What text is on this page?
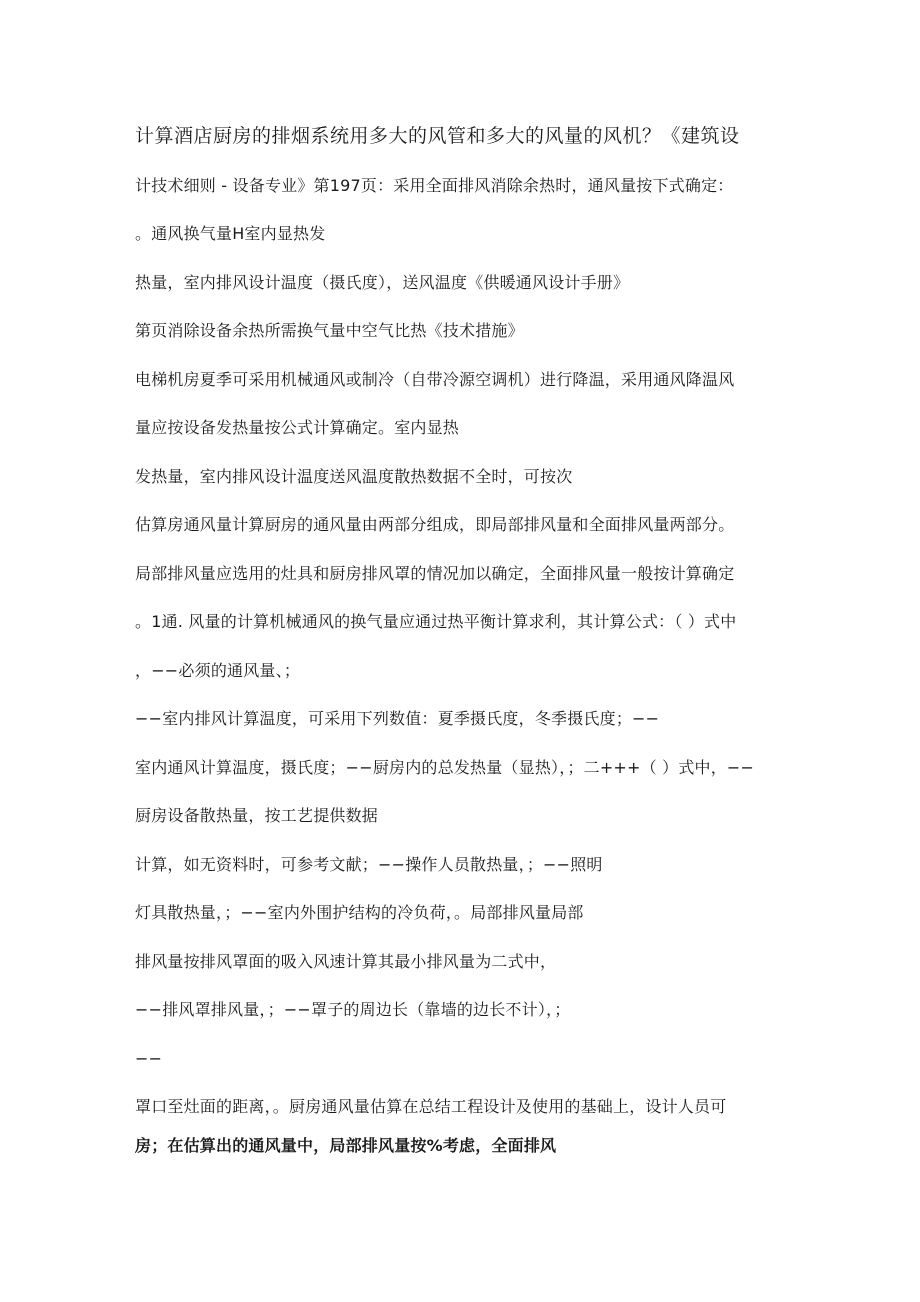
计算酒店厨房的排烟系统用多大的风管和多大的风量的风机？《建筑设
计技术细则 - 设备专业》第197页：采用全面排风消除余热时，通风量按下式确定：
。通风换气量H室内显热发
热量，室内排风设计温度（摄氏度），送风温度《供暖通风设计手册》
第页消除设备余热所需换气量中空气比热《技术措施》
电梯机房夏季可采用机械通风或制冷（自带冷源空调机）进行降温，采用通风降温风
量应按设备发热量按公式计算确定。室内显热
发热量，室内排风设计温度送风温度散热数据不全时，可按次
估算房通风量计算厨房的通风量由两部分组成，即局部排风量和全面排风量两部分。
局部排风量应选用的灶具和厨房排风罩的情况加以确定，全面排风量一般按计算确定
。1通. 风量的计算机械通风的换气量应通过热平衡计算求利，其计算公式：（ ）式中
，−−必须的通风量、；
−−室内排风计算温度，可采用下列数值：夏季摄氏度，冬季摄氏度；−−
室内通风计算温度，摄氏度；−−厨房内的总发热量（显热），；二+++（ ）式中，−−
厨房设备散热量，按工艺提供数据
计算，如无资料时，可参考文献；−−操作人员散热量，；−−照明
灯具散热量，；−−室内外围护结构的冷负荷，。局部排风量局部
排风量按排风罩面的吸入风速计算其最小排风量为二式中，
−−排风罩排风量，；−−罩子的周边长（靠墙的边长不计），；
−−
罩口至灶面的距离，。厨房通风量估算在总结工程设计及使用的基础上，设计人员可
房；在估算出的通风量中，局部排风量按%考虑，全面排风
